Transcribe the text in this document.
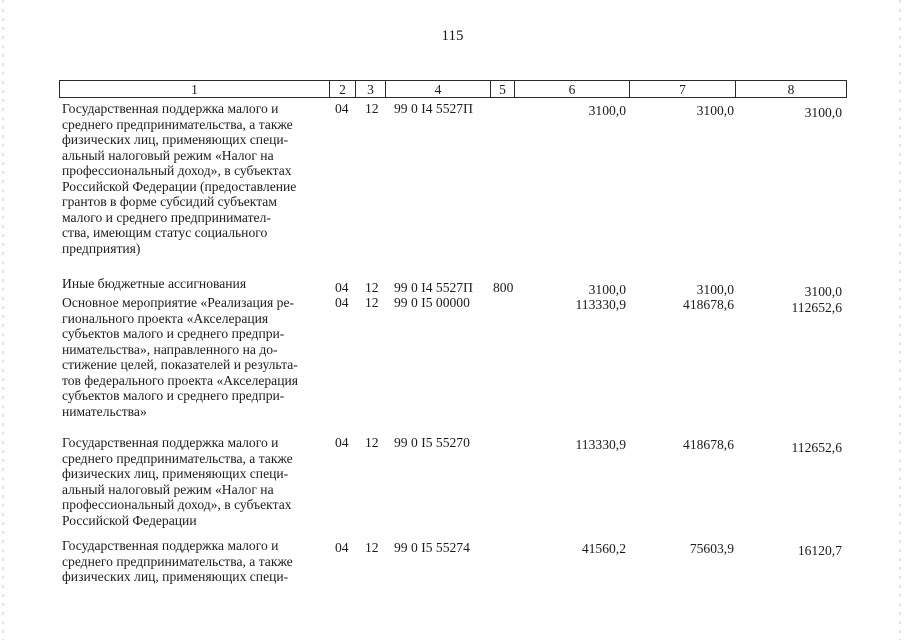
115
1	2	3	4	5	6	7	8
Государственная поддержка малого и
среднего предпринимательства, а также
физических лиц, применяющих специ-
альный налоговый режим «Налог на
профессиональный доход», в субъектах
Российской Федерации (предоставление
грантов в форме субсидий субъектам
малого и среднего предпринимател-
ства, имеющим статус социального
предприятия)
04 12 99 0 I4 5527П	3100,0	3100,0	3100,0
Иные бюджетные ассигнования	04 12 99 0 I4 5527П 800	3100,0	3100,0	3100,0
Основное мероприятие «Реализация ре-
гионального проекта «Акселерация
субъектов малого и среднего предпри-
нимательства», направленного на до-
стижение целей, показателей и результа-
тов федерального проекта «Акселерация
субъектов малого и среднего предпри-
нимательства»
04 12 99 0 I5 00000	113330,9	418678,6	112652,6
Государственная поддержка малого и
среднего предпринимательства, а также
физических лиц, применяющих специ-
альный налоговый режим «Налог на
профессиональный доход», в субъектах
Российской Федерации
04 12 99 0 I5 55270	113330,9	418678,6	112652,6
Государственная поддержка малого и
среднего предпринимательства, а также
физических лиц, применяющих специ-
04 12 99 0 I5 55274	41560,2	75603,9	16120,7
